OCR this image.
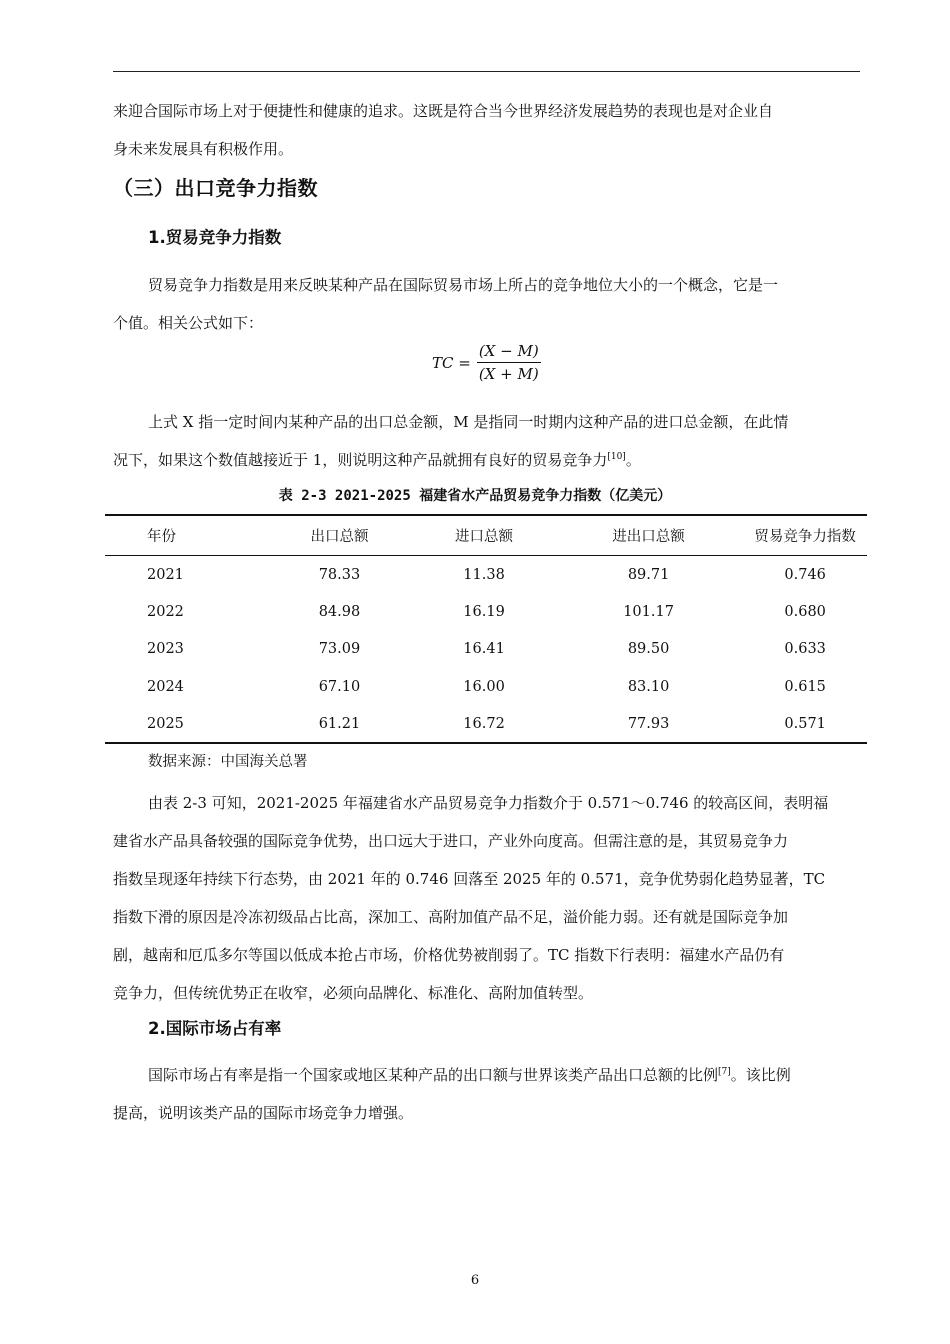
来迎合国际市场上对于便捷性和健康的追求。这既是符合当今世界经济发展趋势的表现也是对企业自

身未来发展具有积极作用。

（三）出口竞争力指数
1.贸易竞争力指数

贸易竞争力指数是用来反映某种产品在国际贸易市场上所占的竞争地位大小的一个概念，它是一

个值。相关公式如下：

TC = $\frac{(X - M)}{(X + M)}$

上式 X 指一定时间内某种产品的出口总金额，M 是指同一时期内这种产品的进口总金额，在此情

况下，如果这个数值越接近于 1，则说明这种产品就拥有良好的贸易竞争力[10]。

表 2-3 2021-2025 福建省水产品贸易竞争力指数（亿美元）
年份	出口总额	进口总额	进出口总额	贸易竞争力指数
2021	78.33	11.38	89.71	0.746
2022	84.98	16.19	101.17	0.680
2023	73.09	16.41	89.50	0.633
2024	67.10	16.00	83.10	0.615
2025	61.21	16.72	77.93	0.571
数据来源：中国海关总署

由表 2-3 可知，2021-2025 年福建省水产品贸易竞争力指数介于 0.571～0.746 的较高区间，表明福

建省水产品具备较强的国际竞争优势，出口远大于进口，产业外向度高。但需注意的是，其贸易竞争力

指数呈现逐年持续下行态势，由 2021 年的 0.746 回落至 2025 年的 0.571，竞争优势弱化趋势显著，TC

指数下滑的原因是冷冻初级品占比高，深加工、高附加值产品不足，溢价能力弱。还有就是国际竞争加

剧，越南和厄瓜多尔等国以低成本抢占市场，价格优势被削弱了。TC 指数下行表明：福建水产品仍有

竞争力，但传统优势正在收窄，必须向品牌化、标准化、高附加值转型。

2.国际市场占有率

国际市场占有率是指一个国家或地区某种产品的出口额与世界该类产品出口总额的比例[7]。该比例

提高，说明该类产品的国际市场竞争力增强。

6
